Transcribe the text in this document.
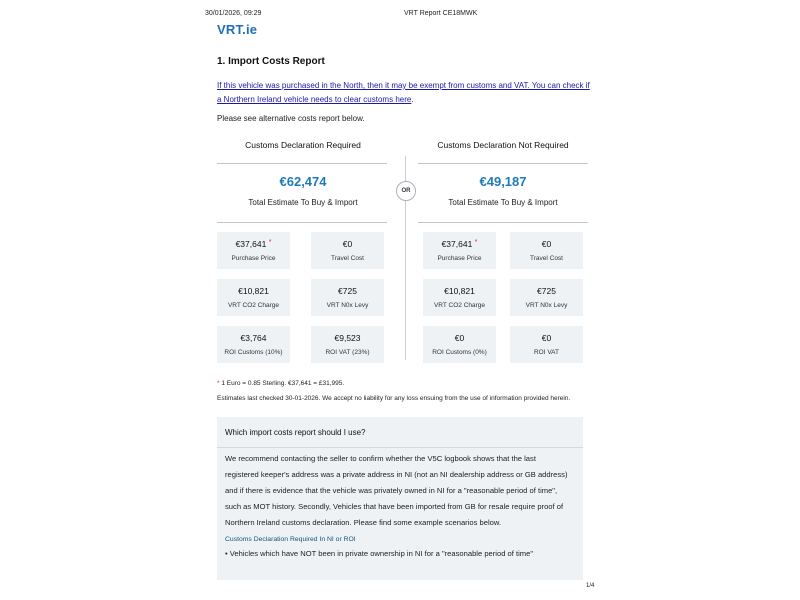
30/01/2026, 09:29	VRT Report CE18MWK
VRT.ie
1. Import Costs Report
If this vehicle was purchased in the North, then it may be exempt from customs and VAT. You can check if
a Northern Ireland vehicle needs to clear customs here.
Please see alternative costs report below.
Customs Declaration Required
€62,474
Total Estimate To Buy & Import
Customs Declaration Not Required
€49,187
Total Estimate To Buy & Import
OR
€37,641 *
Purchase Price
€0
Travel Cost
€10,821
VRT CO2 Charge
€725
VRT N0x Levy
€3,764
ROI Customs (10%)
€9,523
ROI VAT (23%)
€37,641 *
Purchase Price
€0
Travel Cost
€10,821
VRT CO2 Charge
€725
VRT N0x Levy
€0
ROI Customs (0%)
€0
ROI VAT
* 1 Euro = 0.85 Sterling. €37,641 = £31,995.
Estimates last checked 30-01-2026. We accept no liability for any loss ensuing from the use of information provided herein.
Which import costs report should I use?
We recommend contacting the seller to confirm whether the V5C logbook shows that the last
registered keeper's address was a private address in NI (not an NI dealership address or GB address)
and if there is evidence that the vehicle was privately owned in NI for a "reasonable period of time",
such as MOT history. Secondly, Vehicles that have been imported from GB for resale require proof of
Northern Ireland customs declaration. Please find some example scenarios below.
Customs Declaration Required In NI or ROI
• Vehicles which have NOT been in private ownership in NI for a "reasonable period of time"
1/4
